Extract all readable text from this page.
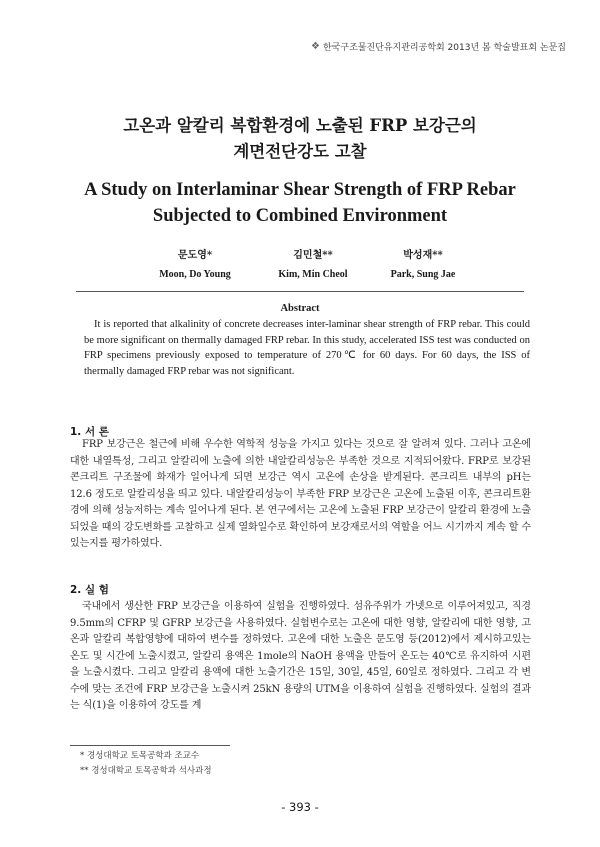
❖ 한국구조물진단유지관리공학회 2013년 봄 학술발표회 논문집
고온과 알칼리 복합환경에 노출된 FRP 보강근의
계면전단강도 고찰
A Study on Interlaminar Shear Strength of FRP Rebar
Subjected to Combined Environment
문도영*
Moon, Do Young
김민철**
Kim, Min Cheol
박성재**
Park, Sung Jae
Abstract
It is reported that alkalinity of concrete decreases inter-laminar shear strength of FRP rebar. This could be more significant on thermally damaged FRP rebar. In this study, accelerated ISS test was conducted on FRP specimens previously exposed to temperature of 270℃ for 60 days. For 60 days, the ISS of thermally damaged FRP rebar was not significant.
1. 서 론
FRP 보강근은 철근에 비해 우수한 역학적 성능을 가지고 있다는 것으로 잘 알려져 있다. 그러나 고온에 대한 내열특성, 그리고 알칼리에 노출에 의한 내알칼리성능은 부족한 것으로 지적되어왔다. FRP로 보강된 콘크리트 구조물에 화재가 일어나게 되면 보강근 역시 고온에 손상을 받게된다. 콘크리트 내부의 pH는 12.6 정도로 알칼리성을 띄고 있다. 내알칼리성능이 부족한 FRP 보강근은 고온에 노출된 이후, 콘크리트환경에 의해 성능저하는 계속 일어나게 된다. 본 연구에서는 고온에 노출된 FRP 보강근이 알칼리 환경에 노출 되었을 때의 강도변화를 고찰하고 실제 열화일수로 확인하여 보강재로서의 역할을 어느 시기까지 계속 할 수 있는지를 평가하였다.
2. 실 험
국내에서 생산한 FRP 보강근을 이용하여 실험을 진행하였다. 섬유주위가 가넷으로 이루어져있고, 직경 9.5mm의 CFRP 및 GFRP 보강근을 사용하였다. 실험변수로는 고온에 대한 영향, 알칼리에 대한 영향, 고온과 알칼리 복합영향에 대하여 변수를 정하였다. 고온에 대한 노출은 문도영 등(2012)에서 제시하고있는 온도 및 시간에 노출시켰고, 알칼리 용액은 1mole의 NaOH 용액을 만들어 온도는 40℃로 유지하여 시편을 노출시켰다. 그리고 알칼리 용액에 대한 노출기간은 15일, 30일, 45일, 60일로 정하였다. 그리고 각 변수에 맞는 조건에 FRP 보강근을 노출시켜 25kN 용량의 UTM을 이용하여 실험을 진행하였다. 실험의 결과는 식(1)을 이용하여 강도를 계
* 경성대학교 토목공학과 조교수
** 경성대학교 토목공학과 석사과정
- 393 -
